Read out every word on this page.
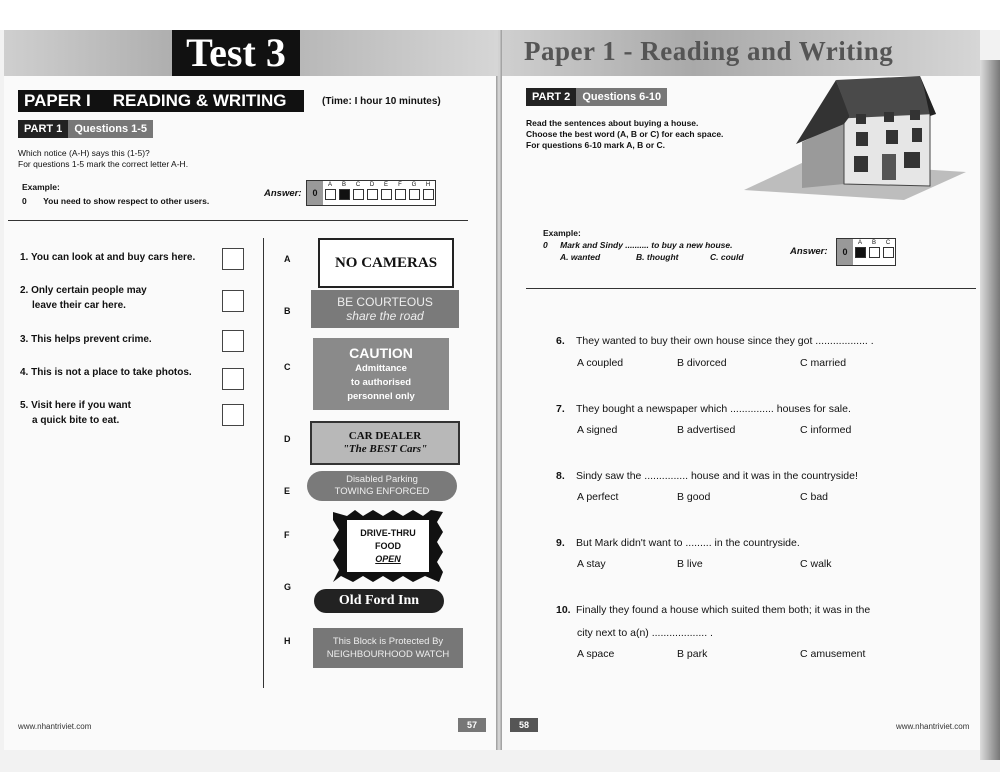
Test 3
PAPER I READING & WRITING	(Time: I hour 10 minutes)
PART 1	Questions 1-5
Which notice (A-H) says this (1-5)?
For questions 1-5 mark the correct letter A-H.
Example:
0 You need to show respect to other users.
Answer:	0
A B C D E F G H
1. You can look at and buy cars here.
2. Only certain people may
leave their car here.
3. This helps prevent crime.
4. This is not a place to take photos.
5. Visit here if you want
a quick bite to eat.
A	NO CAMERAS
B
BE COURTEOUS
share the road
C
CAUTION
Admittance
to authorised
personnel only
D	CAR DEALER
"The BEST Cars"
E
Disabled Parking
TOWING ENFORCED
F	DRIVE-THRU
FOOD
OPEN
G
Old Ford Inn
H	This Block is Protected By
NEIGHBOURHOOD WATCH
www.nhantriviet.com	57
Paper 1 - Reading and Writing
PART 2	Questions 6-10
Read the sentences about buying a house.
Choose the best word (A, B or C) for each space.
For questions 6-10 mark A, B or C.
Example:
0 Mark and Sindy .......... to buy a new house.
A. wanted	B. thought	C. could	Answer:	0
A B C
6. They wanted to buy their own house since they got .................. .
A coupled	B divorced	C married
7. They bought a newspaper which ............... houses for sale.
A signed	B advertised	C informed
8. Sindy saw the ............... house and it was in the countryside!
A perfect	B good	C bad
9. But Mark didn't want to ......... in the countryside.
A stay	B live	C walk
10. Finally they found a house which suited them both; it was in the
city next to a(n) ................... .
A space	B park	C amusement
www.nhantriviet.com
58
